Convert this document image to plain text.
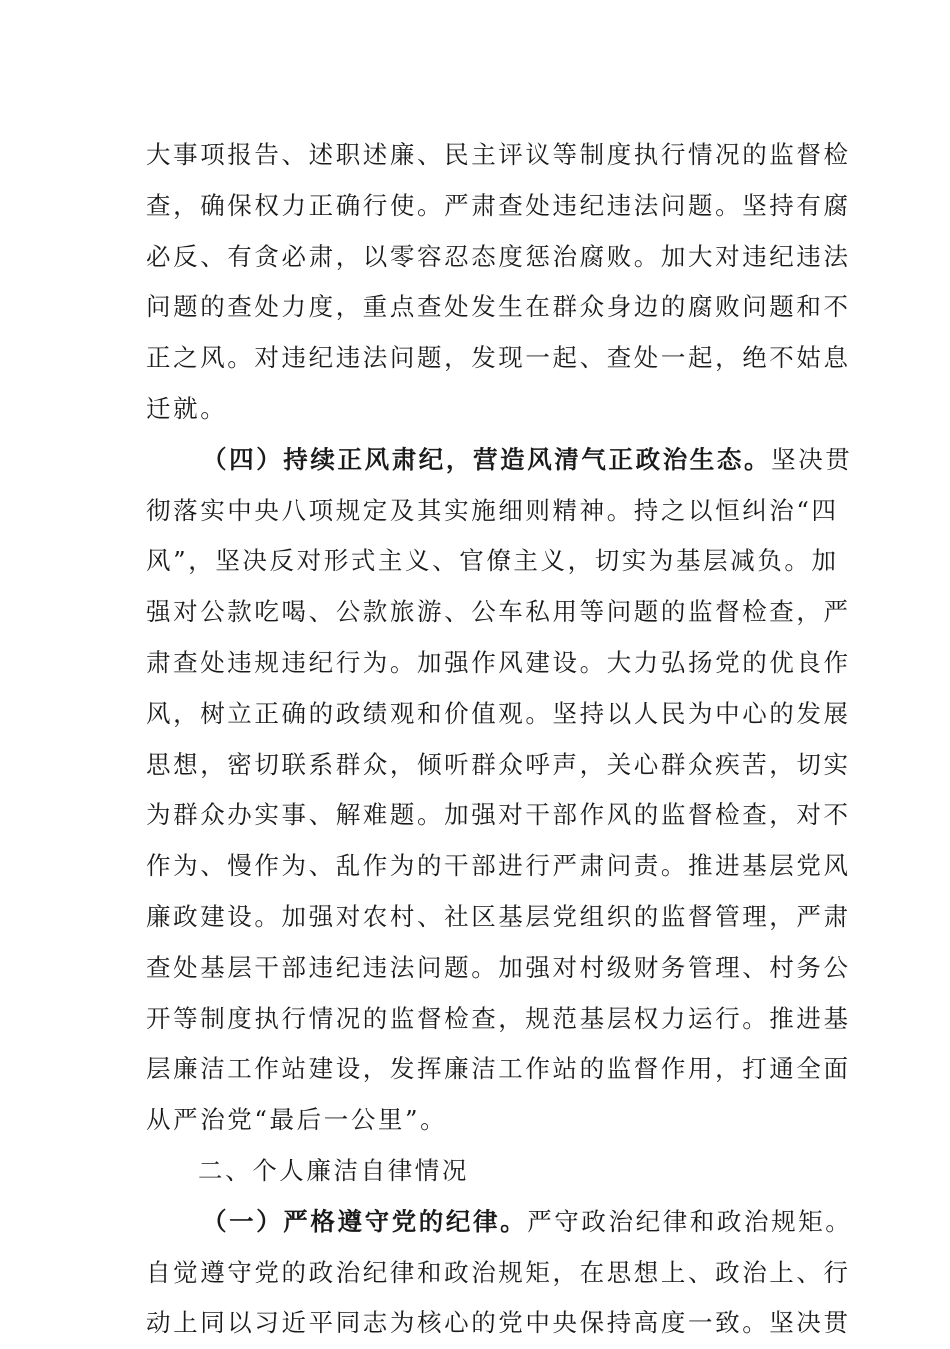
大事项报告、述职述廉、民主评议等制度执行情况的监督检
查，确保权力正确行使。严肃查处违纪违法问题。坚持有腐
必反、有贪必肃，以零容忍态度惩治腐败。加大对违纪违法
问题的查处力度，重点查处发生在群众身边的腐败问题和不
正之风。对违纪违法问题，发现一起、查处一起，绝不姑息
迁就。
（四）持续正风肃纪，营造风清气正政治生态。坚决贯
彻落实中央八项规定及其实施细则精神。持之以恒纠治“四
风”，坚决反对形式主义、官僚主义，切实为基层减负。加
强对公款吃喝、公款旅游、公车私用等问题的监督检查，严
肃查处违规违纪行为。加强作风建设。大力弘扬党的优良作
风，树立正确的政绩观和价值观。坚持以人民为中心的发展
思想，密切联系群众，倾听群众呼声，关心群众疾苦，切实
为群众办实事、解难题。加强对干部作风的监督检查，对不
作为、慢作为、乱作为的干部进行严肃问责。推进基层党风
廉政建设。加强对农村、社区基层党组织的监督管理，严肃
查处基层干部违纪违法问题。加强对村级财务管理、村务公
开等制度执行情况的监督检查，规范基层权力运行。推进基
层廉洁工作站建设，发挥廉洁工作站的监督作用，打通全面
从严治党“最后一公里”。
二、个人廉洁自律情况
（一）严格遵守党的纪律。严守政治纪律和政治规矩。
自觉遵守党的政治纪律和政治规矩，在思想上、政治上、行
动上同以习近平同志为核心的党中央保持高度一致。坚决贯
